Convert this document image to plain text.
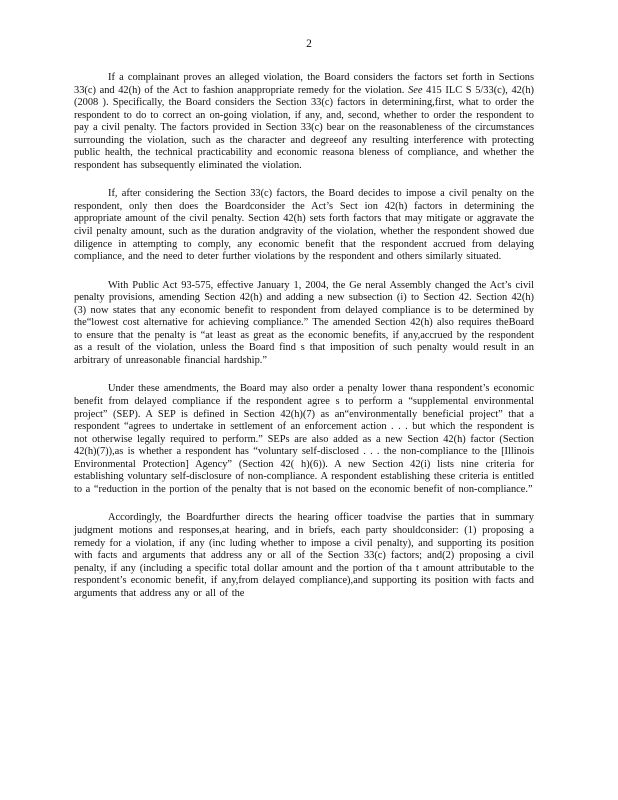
2

If a complainant proves an alleged violation, the Board considers the factors set forth in Sections 33(c) and 42(h) of the Act to fashion anappropriate remedy for the violation. See 415 ILC S 5/33(c), 42(h) (2008 ). Specifically, the Board considers the Section 33(c) factors in determining,first, what to order the respondent to do to correct an on-going violation, if any, and, second, whether to order the respondent to pay a civil penalty. The factors provided in Section 33(c) bear on the reasonableness of the circumstances surrounding the violation, such as the character and degreeof any resulting interference with protecting public health, the technical practicability and economic reasona bleness of compliance, and whether the respondent has subsequently eliminated the violation.

If, after considering the Section 33(c) factors, the Board decides to impose a civil penalty on the respondent, only then does the Boardconsider the Act’s Sect ion 42(h) factors in determining the appropriate amount of the civil penalty. Section 42(h) sets forth factors that may mitigate or aggravate the civil penalty amount, such as the duration andgravity of the violation, whether the respondent showed due diligence in attempting to comply, any economic benefit that the respondent accrued from delaying compliance, and the need to deter further violations by the respondent and others similarly situated.

With Public Act 93-575, effective January 1, 2004, the Ge neral Assembly changed the Act’s civil penalty provisions, amending Section 42(h) and adding a new subsection (i) to Section 42. Section 42(h)(3) now states that any economic benefit to respondent from delayed compliance is to be determined by the“lowest cost alternative for achieving compliance.” The amended Section 42(h) also requires theBoard to ensure that the penalty is “at least as great as the economic benefits, if any,accrued by the respondent as a result of the violation, unless the Board find s that imposition of such penalty would result in an arbitrary of unreasonable financial hardship.”

Under these amendments, the Board may also order a penalty lower thana respondent’s economic benefit from delayed compliance if the respondent agree s to perform a “supplemental environmental project” (SEP). A SEP is defined in Section 42(h)(7) as an“environmentally beneficial project” that a respondent “agrees to undertake in settlement of an enforcement action . . . but which the respondent is not otherwise legally required to perform.” SEPs are also added as a new Section 42(h) factor (Section 42(h)(7)),as is whether a respondent has “voluntary self-disclosed . . . the non-compliance to the [Illinois Environmental Protection] Agency” (Section 42( h)(6)). A new Section 42(i) lists nine criteria for establishing voluntary self-disclosure of non-compliance. A respondent establishing these criteria is entitled to a “reduction in the portion of the penalty that is not based on the economic benefit of non-compliance.”

Accordingly, the Boardfurther directs the hearing officer toadvise the parties that in summary judgment motions and responses,at hearing, and in briefs, each party shouldconsider: (1) proposing a remedy for a violation, if any (inc luding whether to impose a civil penalty), and supporting its position with facts and arguments that address any or all of the Section 33(c) factors; and(2) proposing a civil penalty, if any (including a specific total dollar amount and the portion of tha t amount attributable to the respondent’s economic benefit, if any,from delayed compliance),and supporting its position with facts and arguments that address any or all of the
